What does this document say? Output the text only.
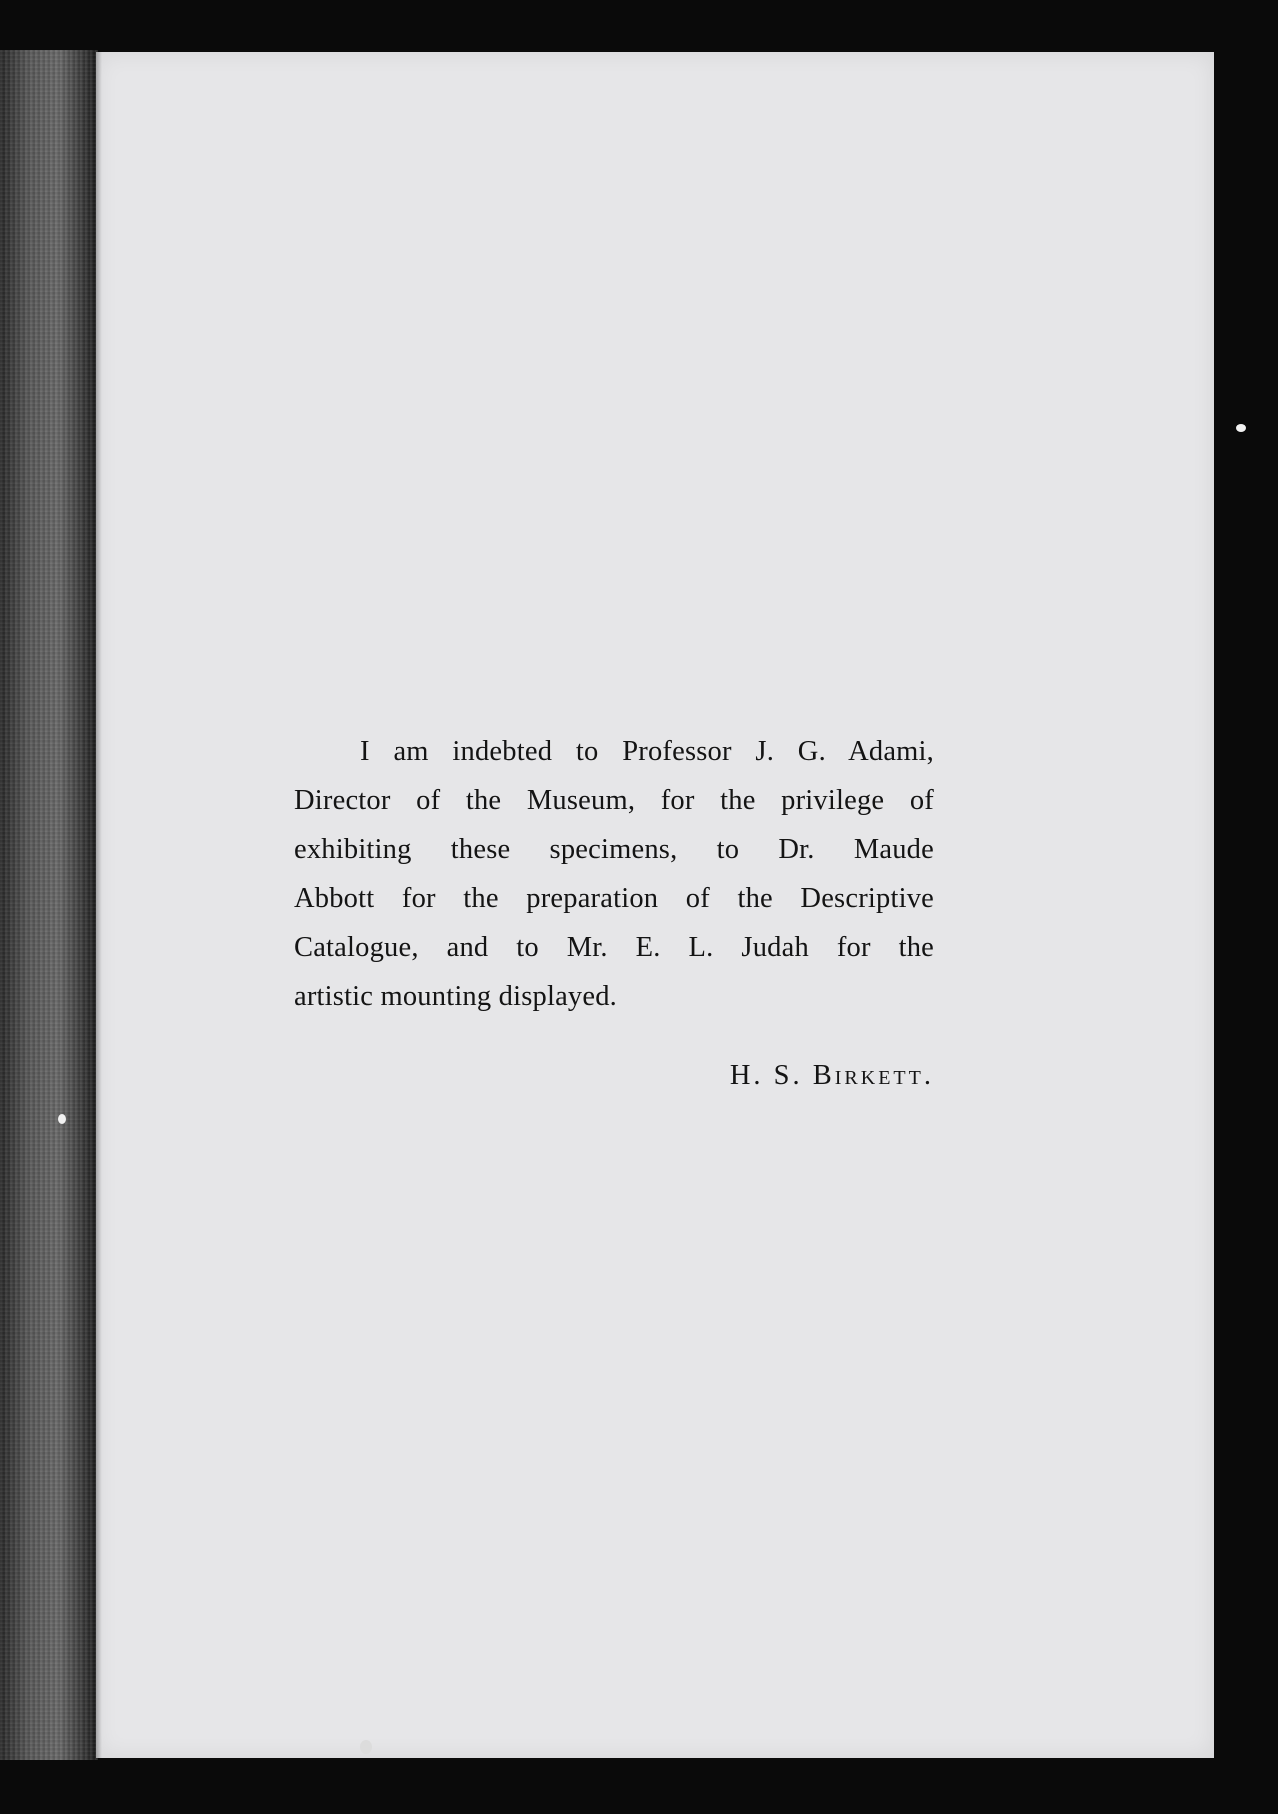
I am indebted to Professor J. G. Adami,
Director of the Museum, for the privilege of
exhibiting these specimens, to Dr. Maude
Abbott for the preparation of the Descriptive
Catalogue, and to Mr. E. L. Judah for the
artistic mounting displayed.
H. S. Birkett.
